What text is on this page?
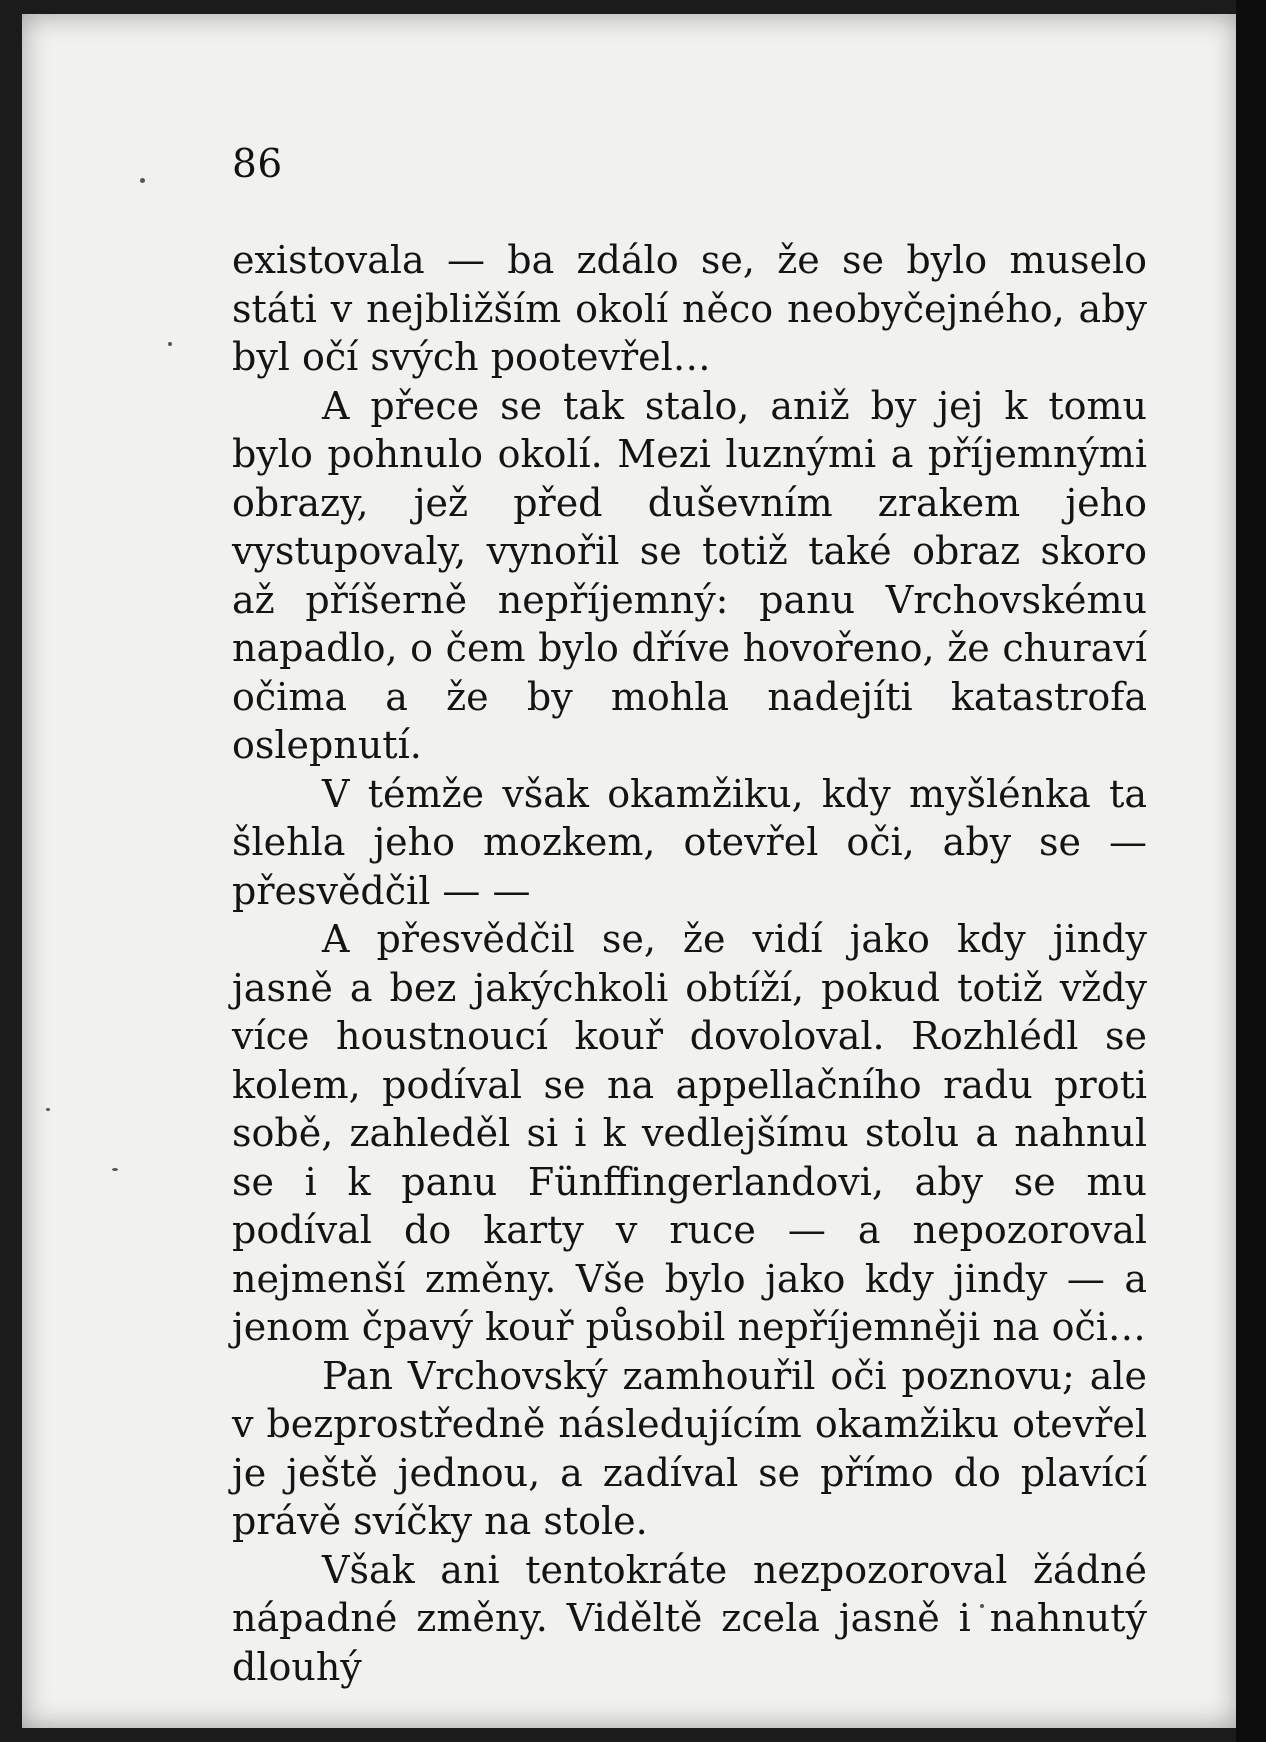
86

existovala — ba zdálo se, že se bylo muselo státi v nejbližším okolí něco neobyčejného, aby byl očí svých pootevřel…

A přece se tak stalo, aniž by jej k tomu bylo pohnulo okolí. Mezi luznými a příjemnými obrazy, jež před duševním zrakem jeho vystupovaly, vynořil se totiž také obraz skoro až příšerně nepříjemný: panu Vrchovskému napadlo, o čem bylo dříve hovořeno, že churaví očima a že by mohla nadejíti katastrofa oslepnutí.

V témže však okamžiku, kdy myšlénka ta šlehla jeho mozkem, otevřel oči, aby se — přesvědčil — —

A přesvědčil se, že vidí jako kdy jindy jasně a bez jakýchkoli obtíží, pokud totiž vždy více houstnoucí kouř dovoloval. Rozhlédl se kolem, podíval se na appellačního radu proti sobě, zahleděl si i k vedlejšímu stolu a nahnul se i k panu Fünffingerlandovi, aby se mu podíval do karty v ruce — a nepozoroval nejmenší změny. Vše bylo jako kdy jindy — a jenom čpavý kouř působil nepříjemněji na oči…

Pan Vrchovský zamhouřil oči poznovu; ale v bezprostředně následujícím okamžiku otevřel je ještě jednou, a zadíval se přímo do plavící právě svíčky na stole.

Však ani tentokráte nezpozoroval žádné nápadné změny. Viděltě zcela jasně i nahnutý dlouhý
